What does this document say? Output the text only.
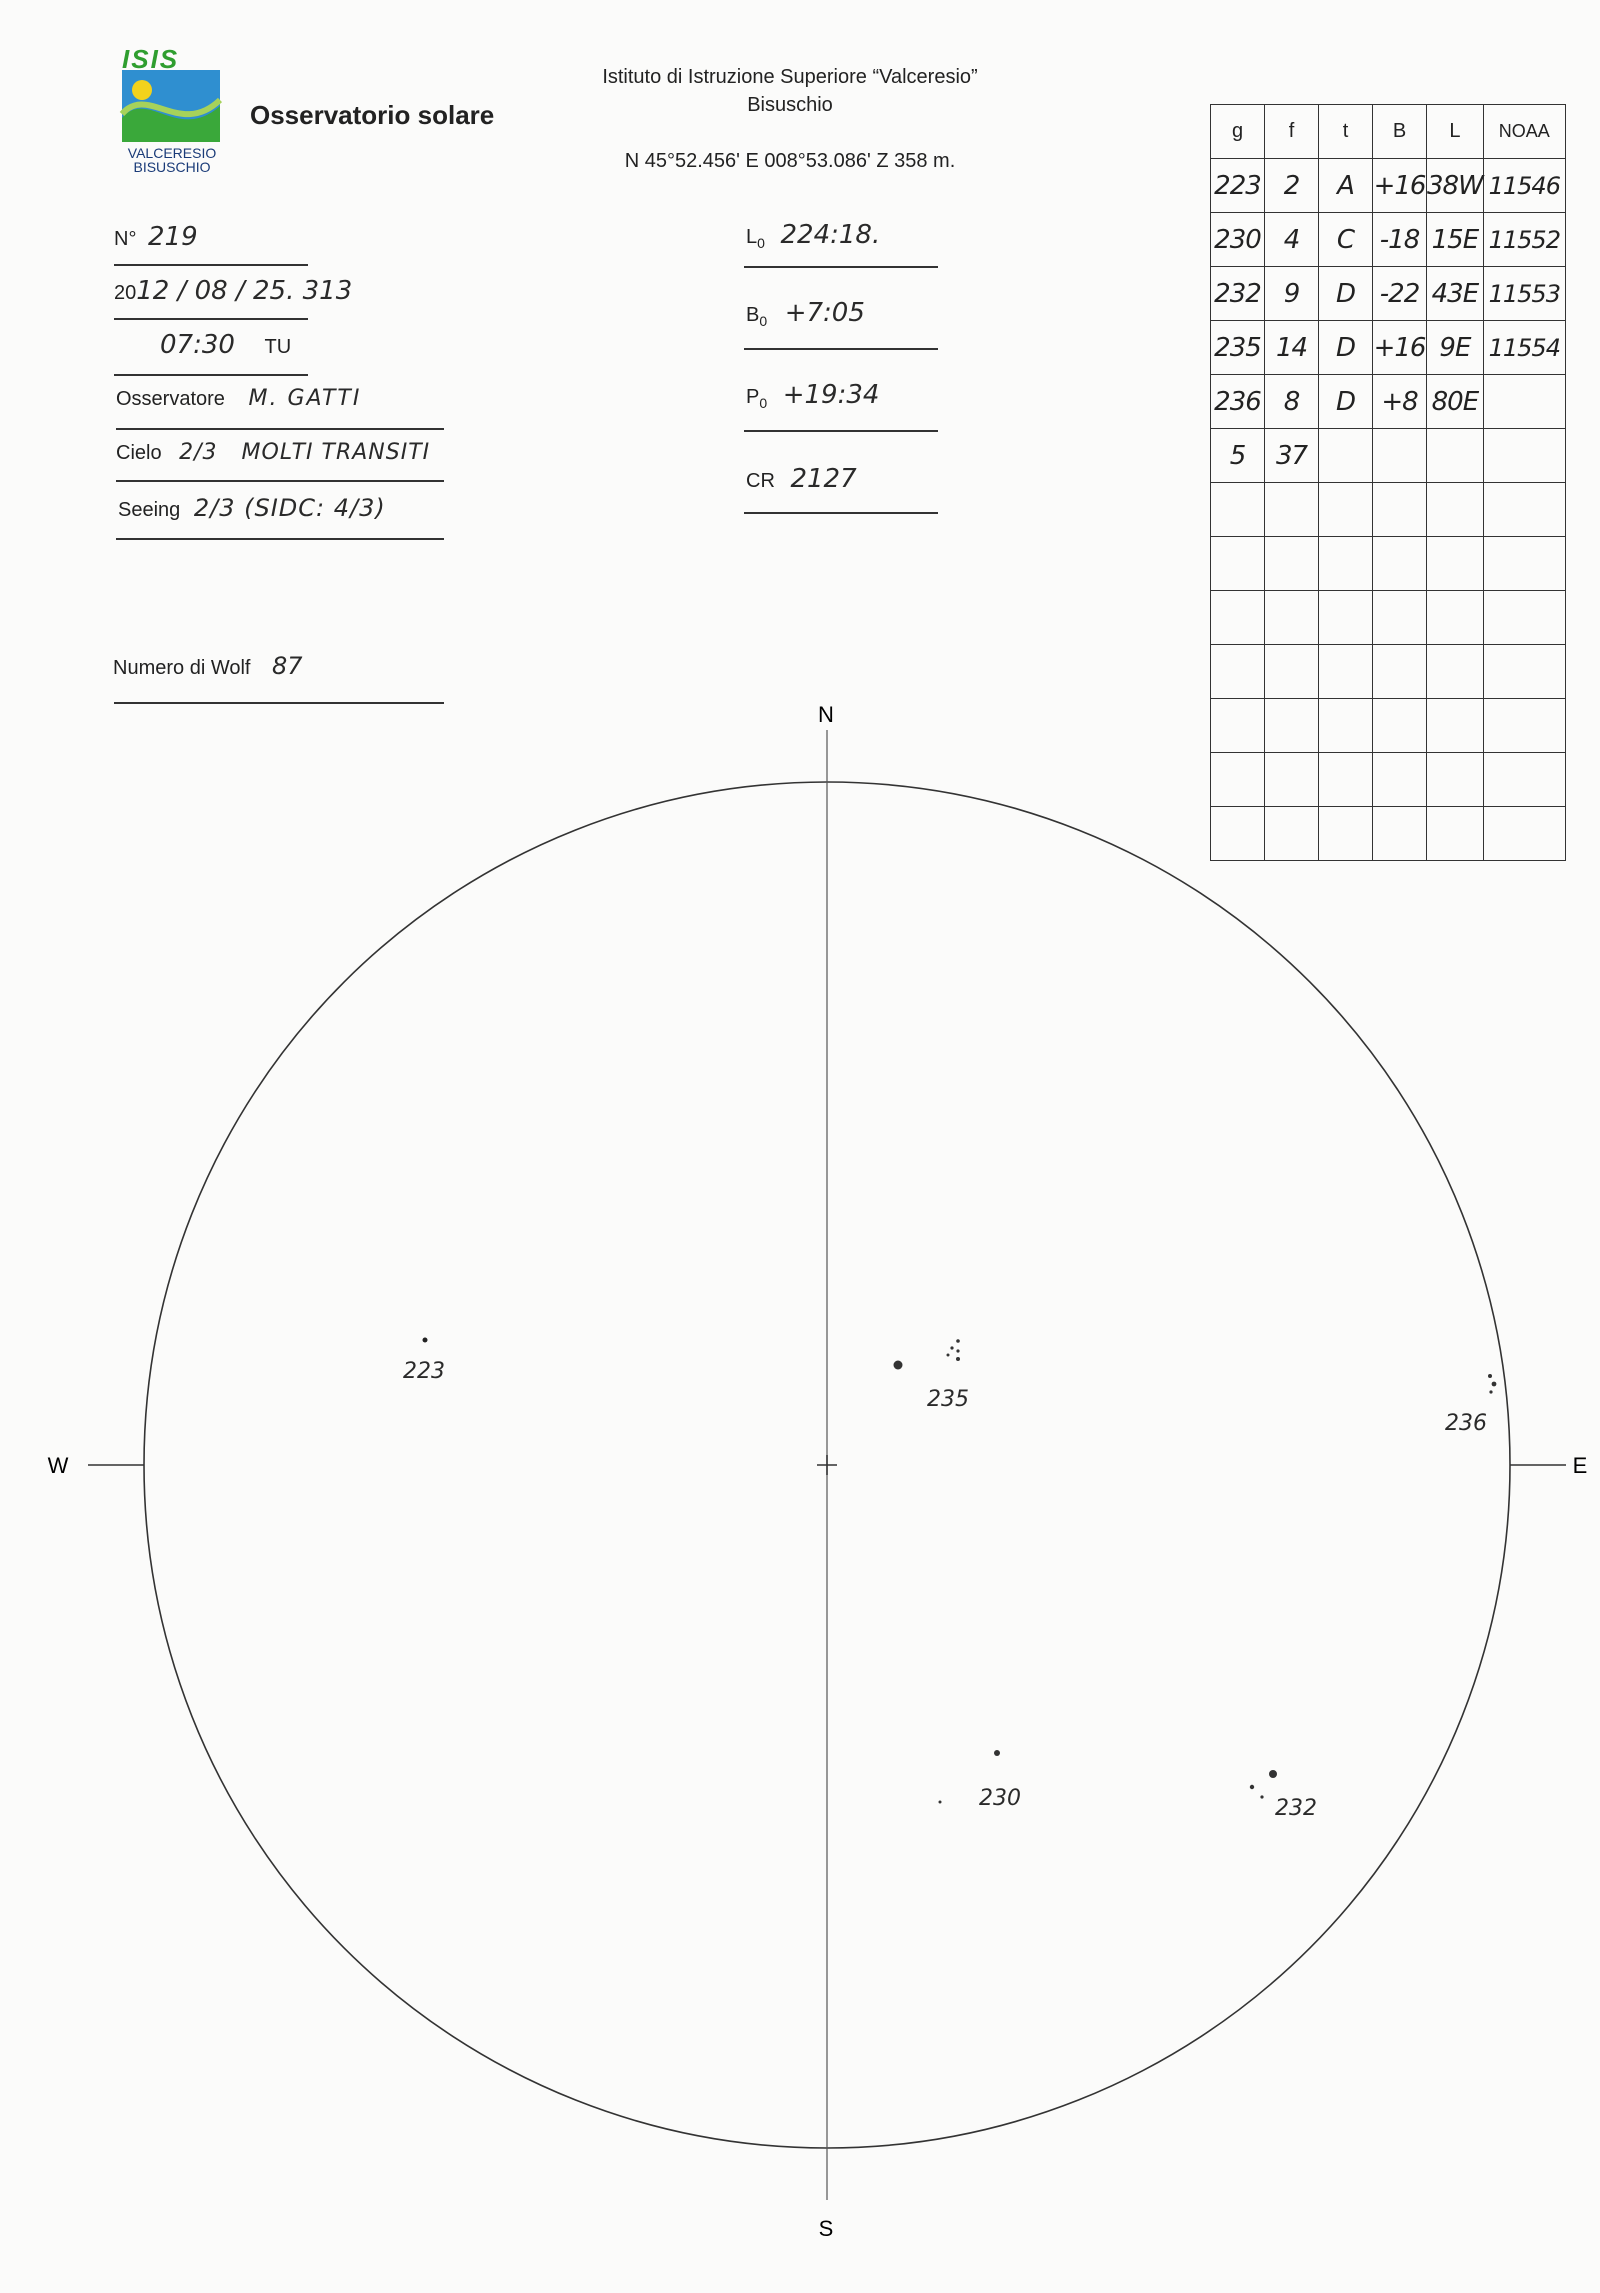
ISIS
VALCERESIO
BISUSCHIO
Osservatorio solare
Istituto di Istruzione Superiore “Valceresio”
Bisuschio
N 45°52.456' E 008°53.086' Z 358 m.
N° 219
2012 / 08 / 25. 313
07:30 TU
Osservatore M. GATTI
Cielo 2/3   MOLTI TRANSITI
Seeing 2/3 (SIDC: 4/3)
Numero di Wolf 87
$L_0$ 224:18.
$B_0$ +7:05
$P_0$ +19:34
CR 2127
g	f	t	B	L	NOAA
223	2	A	+16	38W	11546
230	4	C	-18	15E	11552
232	9	D	-22	43E	11553
235	14	D	+16	9E	11554
236	8	D	+8	80E	
5	37				

N
S
W	E
223
235
236
230	232
